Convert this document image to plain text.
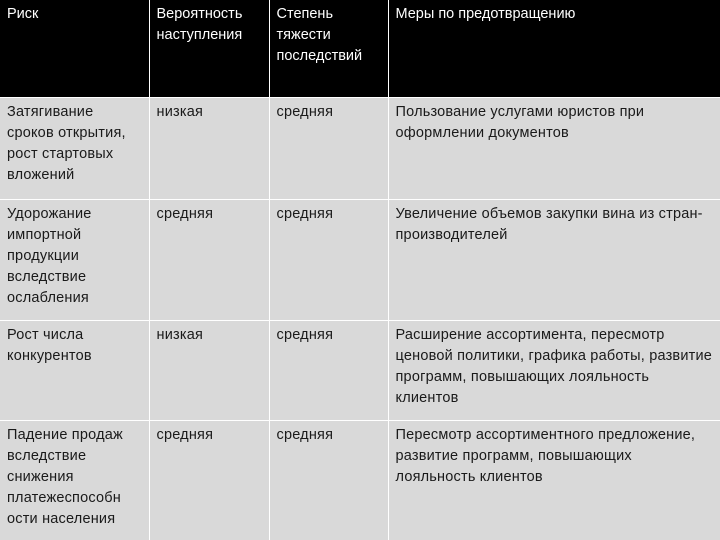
Риск	Вероятность наступления	Степень тяжести последствий	Меры по предотвращению
Затягивание сроков открытия, рост стартовых вложений	низкая	средняя	Пользование услугами юристов при оформлении документов
Удорожание импортной продукции вследствие ослабления	средняя	средняя	Увеличение объемов закупки вина из стран-производителей
Рост числа конкурентов	низкая	средняя	Расширение ассортимента, пересмотр ценовой политики, графика работы, развитие программ, повышающих лояльность клиентов
Падение продаж вследствие снижения платежеспособн ости населения	средняя	средняя	Пересмотр ассортиментного предложение, развитие программ, повышающих лояльность клиентов
